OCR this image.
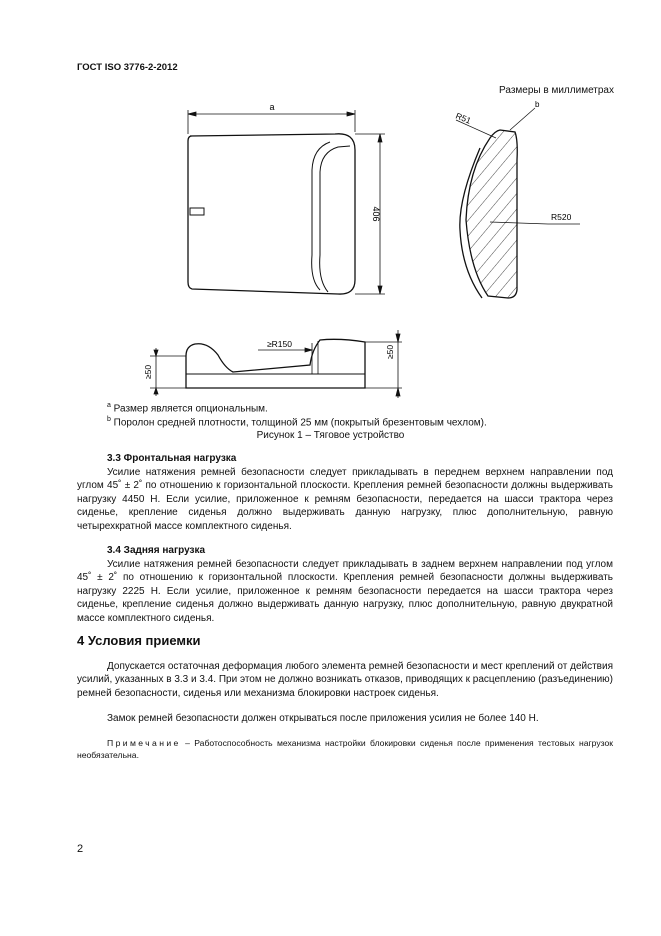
ГОСТ ISO 3776-2-2012
Размеры в миллиметрах
a
406
b
R51
R520
≥R150
≥50
≥50
$^a$ Размер является опциональным.
$^b$ Поролон средней плотности, толщиной 25 мм (покрытый брезентовым чехлом).
Рисунок 1 – Тяговое устройство
3.3 Фронтальная нагрузка
Усилие натяжения ремней безопасности следует прикладывать в переднем верхнем направлении под углом 45˚ ± 2˚ по отношению к горизонтальной плоскости. Крепления ремней безопасности должны выдерживать нагрузку 4450 Н. Если усилие, приложенное к ремням безопасности, передается на шасси трактора через сиденье, крепление сиденья должно выдерживать данную нагрузку, плюс дополнительную, равную четырехкратной массе комплектного сиденья.
3.4 Задняя нагрузка
Усилие натяжения ремней безопасности следует прикладывать в заднем верхнем направлении под углом 45˚ ± 2˚ по отношению к горизонтальной плоскости. Крепления ремней безопасности должны выдерживать нагрузку 2225 Н. Если усилие, приложенное к ремням безопасности передается на шасси трактора через сиденье, крепление сиденья должно выдерживать данную нагрузку, плюс дополнительную, равную двукратной массе комплектного сиденья.
4 Условия приемки
Допускается остаточная деформация любого элемента ремней безопасности и мест креплений от действия усилий, указанных в 3.3 и 3.4. При этом не должно возникать отказов, приводящих к расцеплению (разъединению) ремней безопасности, сиденья или механизма блокировки настроек сиденья.
Замок ремней безопасности должен открываться после приложения усилия не более 140 Н.
Примечание – Работоспособность механизма настройки блокировки сиденья после применения тестовых нагрузок необязательна.
2
